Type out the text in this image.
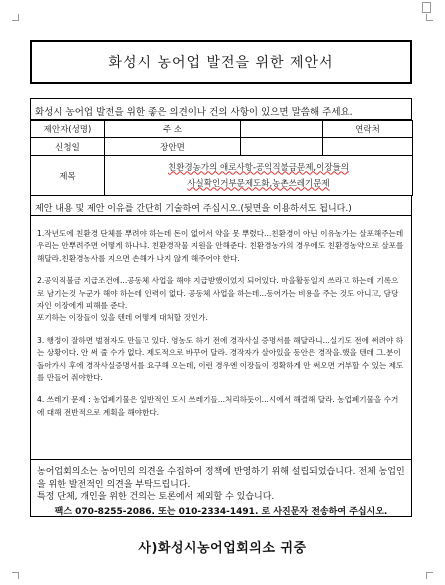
화성시 농어업 발전을 위한 제안서
화성시 농어업 발전을 위한 좋은 의견이나 건의 사항이 있으면 말씀해 주세요.
제안자(성명)	주 소		연락처
신청일	장안면		
제목	친환경농가의 애로사항-공익직불금문제,이장들의
사실확인거부문제도화,농촌쓰레기문제		
제안 내용 및 제안 이유를 간단히 기술하여 주십시오.(뒷면을 이용하셔도 됩니다.)

1.작년도에 친환경 단체를 뿌려야 하는데 돈이 없어서 약을 못 뿌렸다...친환경이 아닌 이유농가는 살포해주는데 우리는 안뿌려주면 어떻게 하나냐. 친환경작물 지원을 안해준다. 친환경농가의 경우에도 친환경농약으로 살포를 해달라.친환경농사를 지으면 손해가 나지 않게 해주어야 한다.

2.공익직불금 지급조건에...공동체 사업을 해야 지급받했이었지 되어있다. 마을활동일지 쓰라고 하는데 기록으로 남기는것 누군가 해야 하는데 인력이 없다. 공동체 사업을 하는데...동어가는 비용을 주는 것도 아니고, 담당자인 이장에게 피해를 준다.
포기하는 이장들이 있을 텐데 어떻게 대처할 것인가.

3. 행정이 잘하면 벌점자도 만들고 있다. 영농도 하기 전에 경작사실 증명서를 해달라니...실기도 전에 써려야 하는 상황이다. 안 써 줄 수가 없다. 제도적으로 바꾸어 달라. 경작자가 살아있을 동안은 경작을.했을 텐데 그.분이 돌아가시 후에 경작사실증명서를 요구해 오는데, 이런 경우엔 이장들이 정확하게 안 써오면 거부할 수 있는 제도를 만들어 줘야한다.

4. 쓰레기 문제 : 농업폐기물은 일반적인 도시 쓰레기들...처리하듯이...시에서 해결해 달라. 농업폐기물을 수거에 대해 전반적으로 계획을 해야한다.

농어업회의소는 농어민의 의견을 수집하여 정책에 반영하기 위해 설립되었습니다. 전체 농업인을 위한 발전적인 의견을 부탁드립니다.
특정 단체, 개인을 위한 건의는 토론에서 제외할 수 있습니다.
팩스 070-8255-2086. 또는 010-2334-1491. 로 사진문자 전송하여 주십시오.
사)화성시농어업회의소 귀중
